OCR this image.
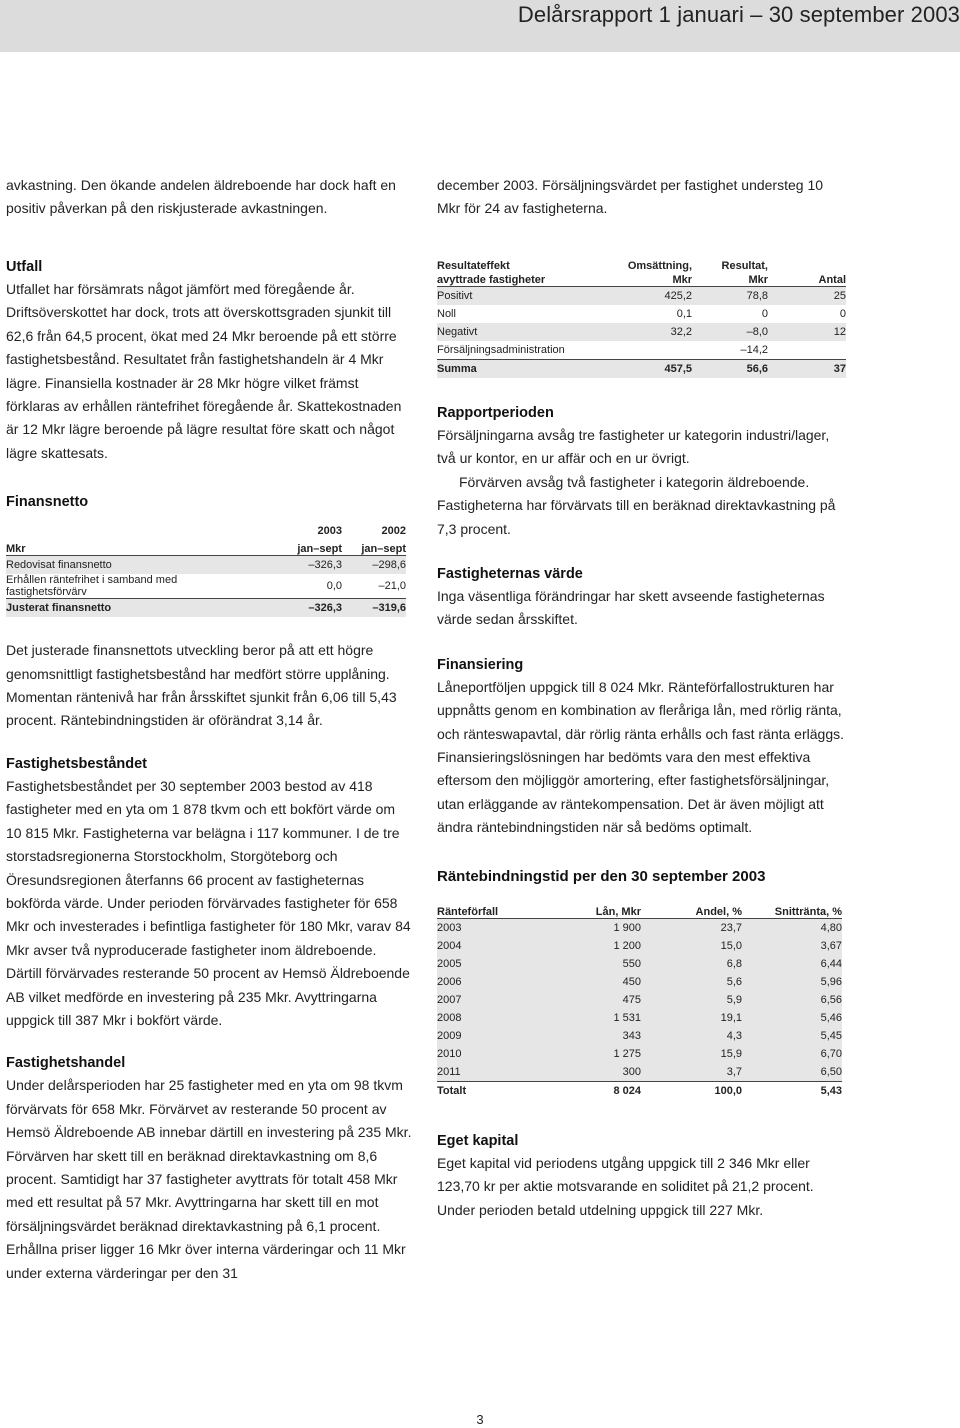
Delårsrapport 1 januari – 30 september 2003

avkastning. Den ökande andelen äldreboende har dock haft en positiv påverkan på den riskjusterade avkastningen.

Utfall

Utfallet har försämrats något jämfört med föregående år.

Driftsöverskottet har dock, trots att överskottsgraden sjunkit till 62,6 från 64,5 procent, ökat med 24 Mkr beroende på ett större fastighetsbestånd. Resultatet från fastighetshandeln är 4 Mkr lägre. Finansiella kostnader är 28 Mkr högre vilket främst förklaras av erhållen räntefrihet föregående år. Skattekostnaden är 12 Mkr lägre beroende på lägre resultat före skatt och något lägre skattesats.

Finansnetto
	2003	2002
Mkr	jan–sept	jan–sept
Redovisat finansnetto	–326,3	–298,6
Erhållen räntefrihet i samband med fastighetsförvärv	0,0	–21,0
Justerat finansnetto	–326,3	–319,6

Det justerade finansnettots utveckling beror på att ett högre genomsnittligt fastighetsbestånd har medfört större upplåning. Momentan räntenivå har från årsskiftet sjunkit från 6,06 till 5,43 procent. Räntebindningstiden är oförändrat 3,14 år.

Fastighetsbeståndet

Fastighetsbeståndet per 30 september 2003 bestod av 418 fastigheter med en yta om 1 878 tkvm och ett bokfört värde om 10 815 Mkr. Fastigheterna var belägna i 117 kommuner. I de tre storstadsregionerna Storstockholm, Storgöteborg och Öresundsregionen återfanns 66 procent av fastigheternas bokförda värde. Under perioden förvärvades fastigheter för 658 Mkr och investerades i befintliga fastigheter för 180 Mkr, varav 84 Mkr avser två nyproducerade fastigheter inom äldreboende. Därtill förvärvades resterande 50 procent av Hemsö Äldreboende AB vilket medförde en investering på 235 Mkr. Avyttringarna uppgick till 387 Mkr i bokfört värde.

Fastighetshandel

Under delårsperioden har 25 fastigheter med en yta om 98 tkvm förvärvats för 658 Mkr. Förvärvet av resterande 50 procent av Hemsö Äldreboende AB innebar därtill en investering på 235 Mkr. Förvärven har skett till en beräknad direktavkastning om 8,6 procent. Samtidigt har 37 fastigheter avyttrats för totalt 458 Mkr med ett resultat på 57 Mkr. Avyttringarna har skett till en mot försäljningsvärdet beräknad direktavkastning på 6,1 procent. Erhållna priser ligger 16 Mkr över interna värderingar och 11 Mkr under externa värderingar per den 31

december 2003. Försäljningsvärdet per fastighet understeg 10 Mkr för 24 av fastigheterna.

Resultateffekt	Omsättning,	Resultat,	
avyttrade fastigheter	Mkr	Mkr	Antal
Positivt	425,2	78,8	25
Noll	0,1	0	0
Negativt	32,2	–8,0	12
Försäljningsadministration		–14,2	
Summa	457,5	56,6	37
Rapportperioden

Försäljningarna avsåg tre fastigheter ur kategorin industri/lager, två ur kontor, en ur affär och en ur övrigt.

Förvärven avsåg två fastigheter i kategorin äldreboende. Fastigheterna har förvärvats till en beräknad direktavkastning på 7,3 procent.

Fastigheternas värde

Inga väsentliga förändringar har skett avseende fastigheternas värde sedan årsskiftet.

Finansiering

Låneportföljen uppgick till 8 024 Mkr. Ränteförfallostrukturen har uppnåtts genom en kombination av fleråriga lån, med rörlig ränta, och ränteswapavtal, där rörlig ränta erhålls och fast ränta erläggs. Finansieringslösningen har bedömts vara den mest effektiva eftersom den möjliggör amortering, efter fastighetsförsäljningar, utan erläggande av räntekompensation. Det är även möjligt att ändra räntebindningstiden när så bedöms optimalt.

Räntebindningstid per den 30 september 2003
Ränteförfall	Lån, Mkr	Andel, %	Snittränta, %
2003	1 900	23,7	4,80
2004	1 200	15,0	3,67
2005	550	6,8	6,44
2006	450	5,6	5,96
2007	475	5,9	6,56
2008	1 531	19,1	5,46
2009	343	4,3	5,45
2010	1 275	15,9	6,70
2011	300	3,7	6,50
Totalt	8 024	100,0	5,43
Eget kapital

Eget kapital vid periodens utgång uppgick till 2 346 Mkr eller 123,70 kr per aktie motsvarande en soliditet på 21,2 procent. Under perioden betald utdelning uppgick till 227 Mkr.

3
